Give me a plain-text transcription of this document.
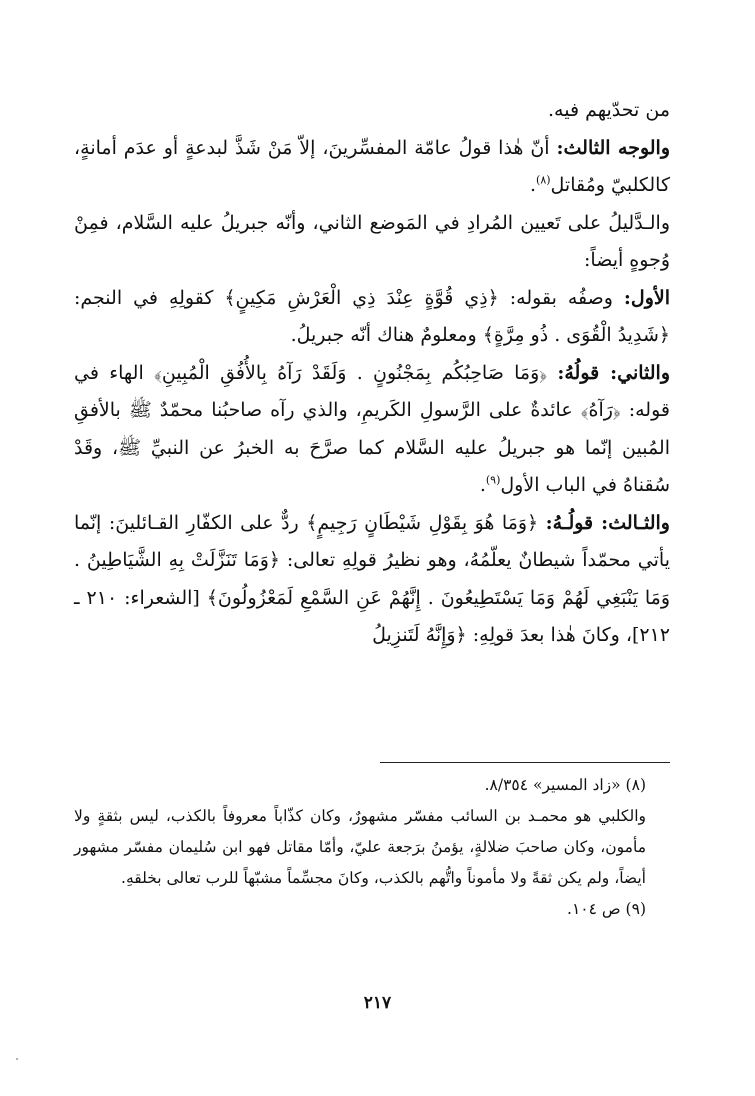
من تحدّيهم فيه.

والوجه الثالث: أنّ هٰذا قولُ عامّة المفسِّرينَ، إلاّ مَنْ شَذَّ لبدعةٍ أو عدَم أمانةٍ، كالكلبيّ ومُقاتل$^{(٨)}$.

والـدَّليلُ على تَعيين المُرادِ في المَوضع الثاني، وأنّه جبريلُ عليه السَّلام، فمِنْ وُجوهٍ أيضاً:

الأول: وصفُه بقوله: ﴿ذِي قُوَّةٍ عِنْدَ ذِي الْعَرْشِ مَكِينٍ﴾ كقولِهِ في النجم: ﴿شَدِيدُ الْقُوَى . ذُو مِرَّةٍ﴾ ومعلومٌ هناك أنّه جبريلُ.

والثاني: قولُهُ: ﴿وَمَا صَاحِبُكُم بِمَجْنُونٍ . وَلَقَدْ رَآهُ بِالأُفُقِ الْمُبِينِ﴾ الهاء في قوله: ﴿رَآهُ﴾ عائدةٌ على الرَّسولِ الكَريمِ، والذي رآه صاحبُنا محمّدٌ ﷺ بالأفقِ المُبين إنّما هو جبريلُ عليه السَّلام كما صرَّحَ به الخبرُ عن النبيِّ ﷺ، وقَدْ سُقناهُ في الباب الأول$^{(٩)}$.

والثـالث: قولُـهُ: ﴿وَمَا هُوَ بِقَوْلِ شَيْطَانٍ رَجِيمٍ﴾ ردٌّ على الكفّارِ القـائلينَ: إنّما يأتي محمّداً شيطانٌ يعلّمُهُ، وهو نظيرُ قولِهِ تعالى: ﴿وَمَا تَنَزَّلَتْ بِهِ الشَّيَاطِينُ . وَمَا يَنْبَغِي لَهُمْ وَمَا يَسْتَطِيعُونَ . إِنَّهُمْ عَنِ السَّمْعِ لَمَعْزُولُونَ﴾ [الشعراء: ٢١٠ ـ ٢١٢]، وكانَ هٰذا بعدَ قولِهِ: ﴿وَإِنَّهُ لَتَنزِيلُ

(٨) «زاد المسير» ٨/٣٥٤.

والكلبي هو محمـد بن السائب مفسّر مشهورٌ، وكان كذّاباً معروفاً بالكذب، ليس بثقةٍ ولا مأمون، وكان صاحبَ ضلالةٍ، يؤمنُ برَجعة عليّ، وأمّا مقاتل فهو ابن سُليمان مفسّر مشهور أيضاً، ولم يكن ثقةً ولا مأموناً واتُّهم بالكذب، وكانَ مجسِّماً مشبّهاً للرب تعالى بخلقهِ.

(٩) ص ١٠٤.

٢١٧
